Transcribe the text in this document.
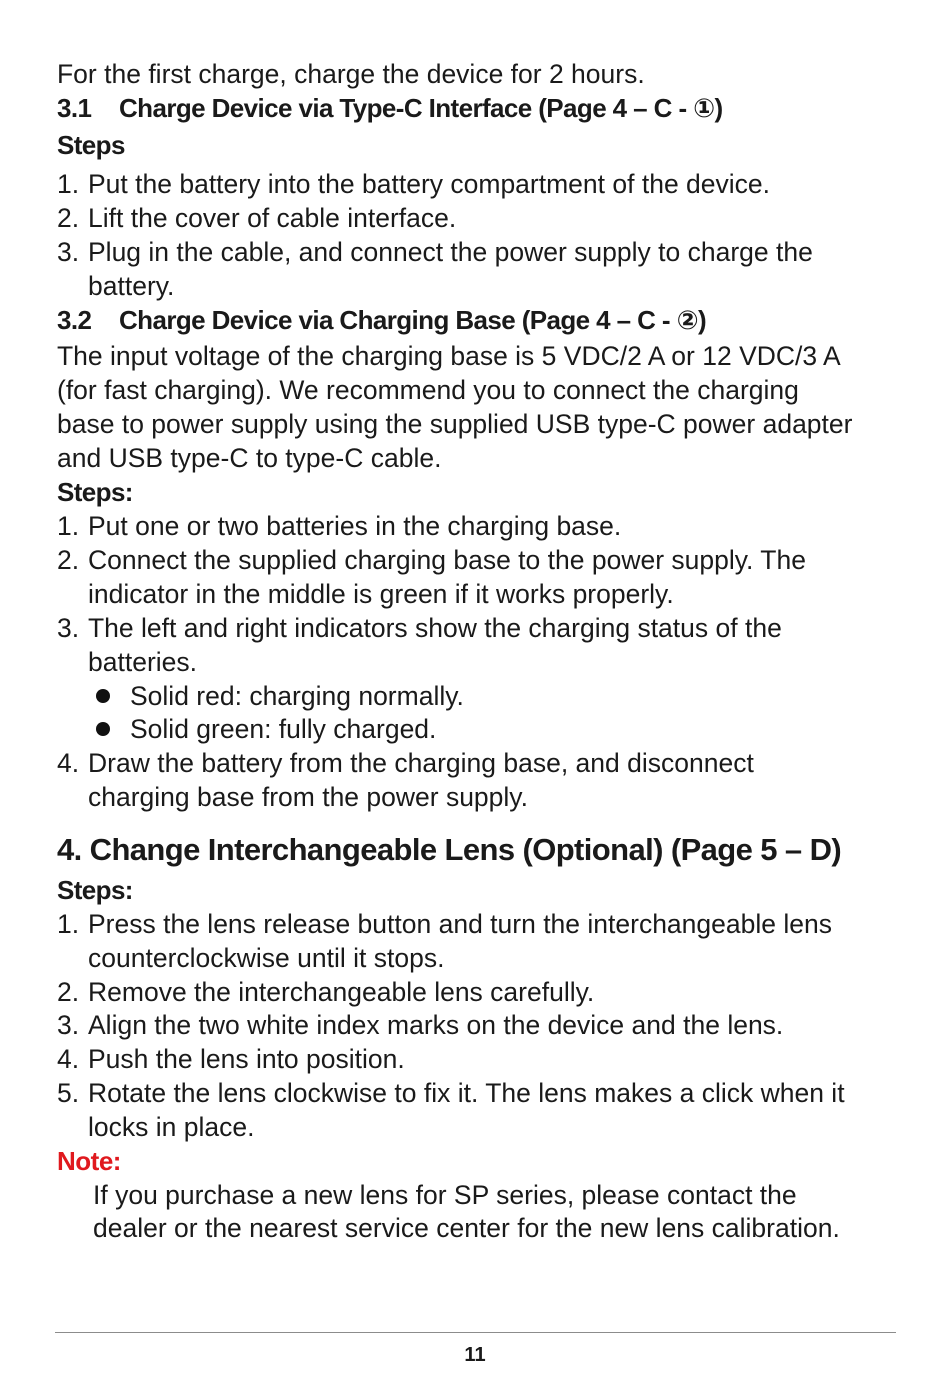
For the first charge, charge the device for 2 hours.
3.1 Charge Device via Type-C Interface (Page 4 – C - ①)
Steps
1. Put the battery into the battery compartment of the device.
2. Lift the cover of cable interface.
3. Plug in the cable, and connect the power supply to charge the
battery.
3.2 Charge Device via Charging Base (Page 4 – C - ②)
The input voltage of the charging base is 5 VDC/2 A or 12 VDC/3 A
(for fast charging). We recommend you to connect the charging
base to power supply using the supplied USB type-C power adapter
and USB type-C to type-C cable.
Steps:
1. Put one or two batteries in the charging base.
2. Connect the supplied charging base to the power supply. The
indicator in the middle is green if it works properly.
3. The left and right indicators show the charging status of the
batteries.
Solid red: charging normally.
Solid green: fully charged.
4. Draw the battery from the charging base, and disconnect
charging base from the power supply.
4. Change Interchangeable Lens (Optional) (Page 5 – D)
Steps:
1. Press the lens release button and turn the interchangeable lens
counterclockwise until it stops.
2. Remove the interchangeable lens carefully.
3. Align the two white index marks on the device and the lens.
4. Push the lens into position.
5. Rotate the lens clockwise to fix it. The lens makes a click when it
locks in place.
Note:
If you purchase a new lens for SP series, please contact the
dealer or the nearest service center for the new lens calibration.
11
